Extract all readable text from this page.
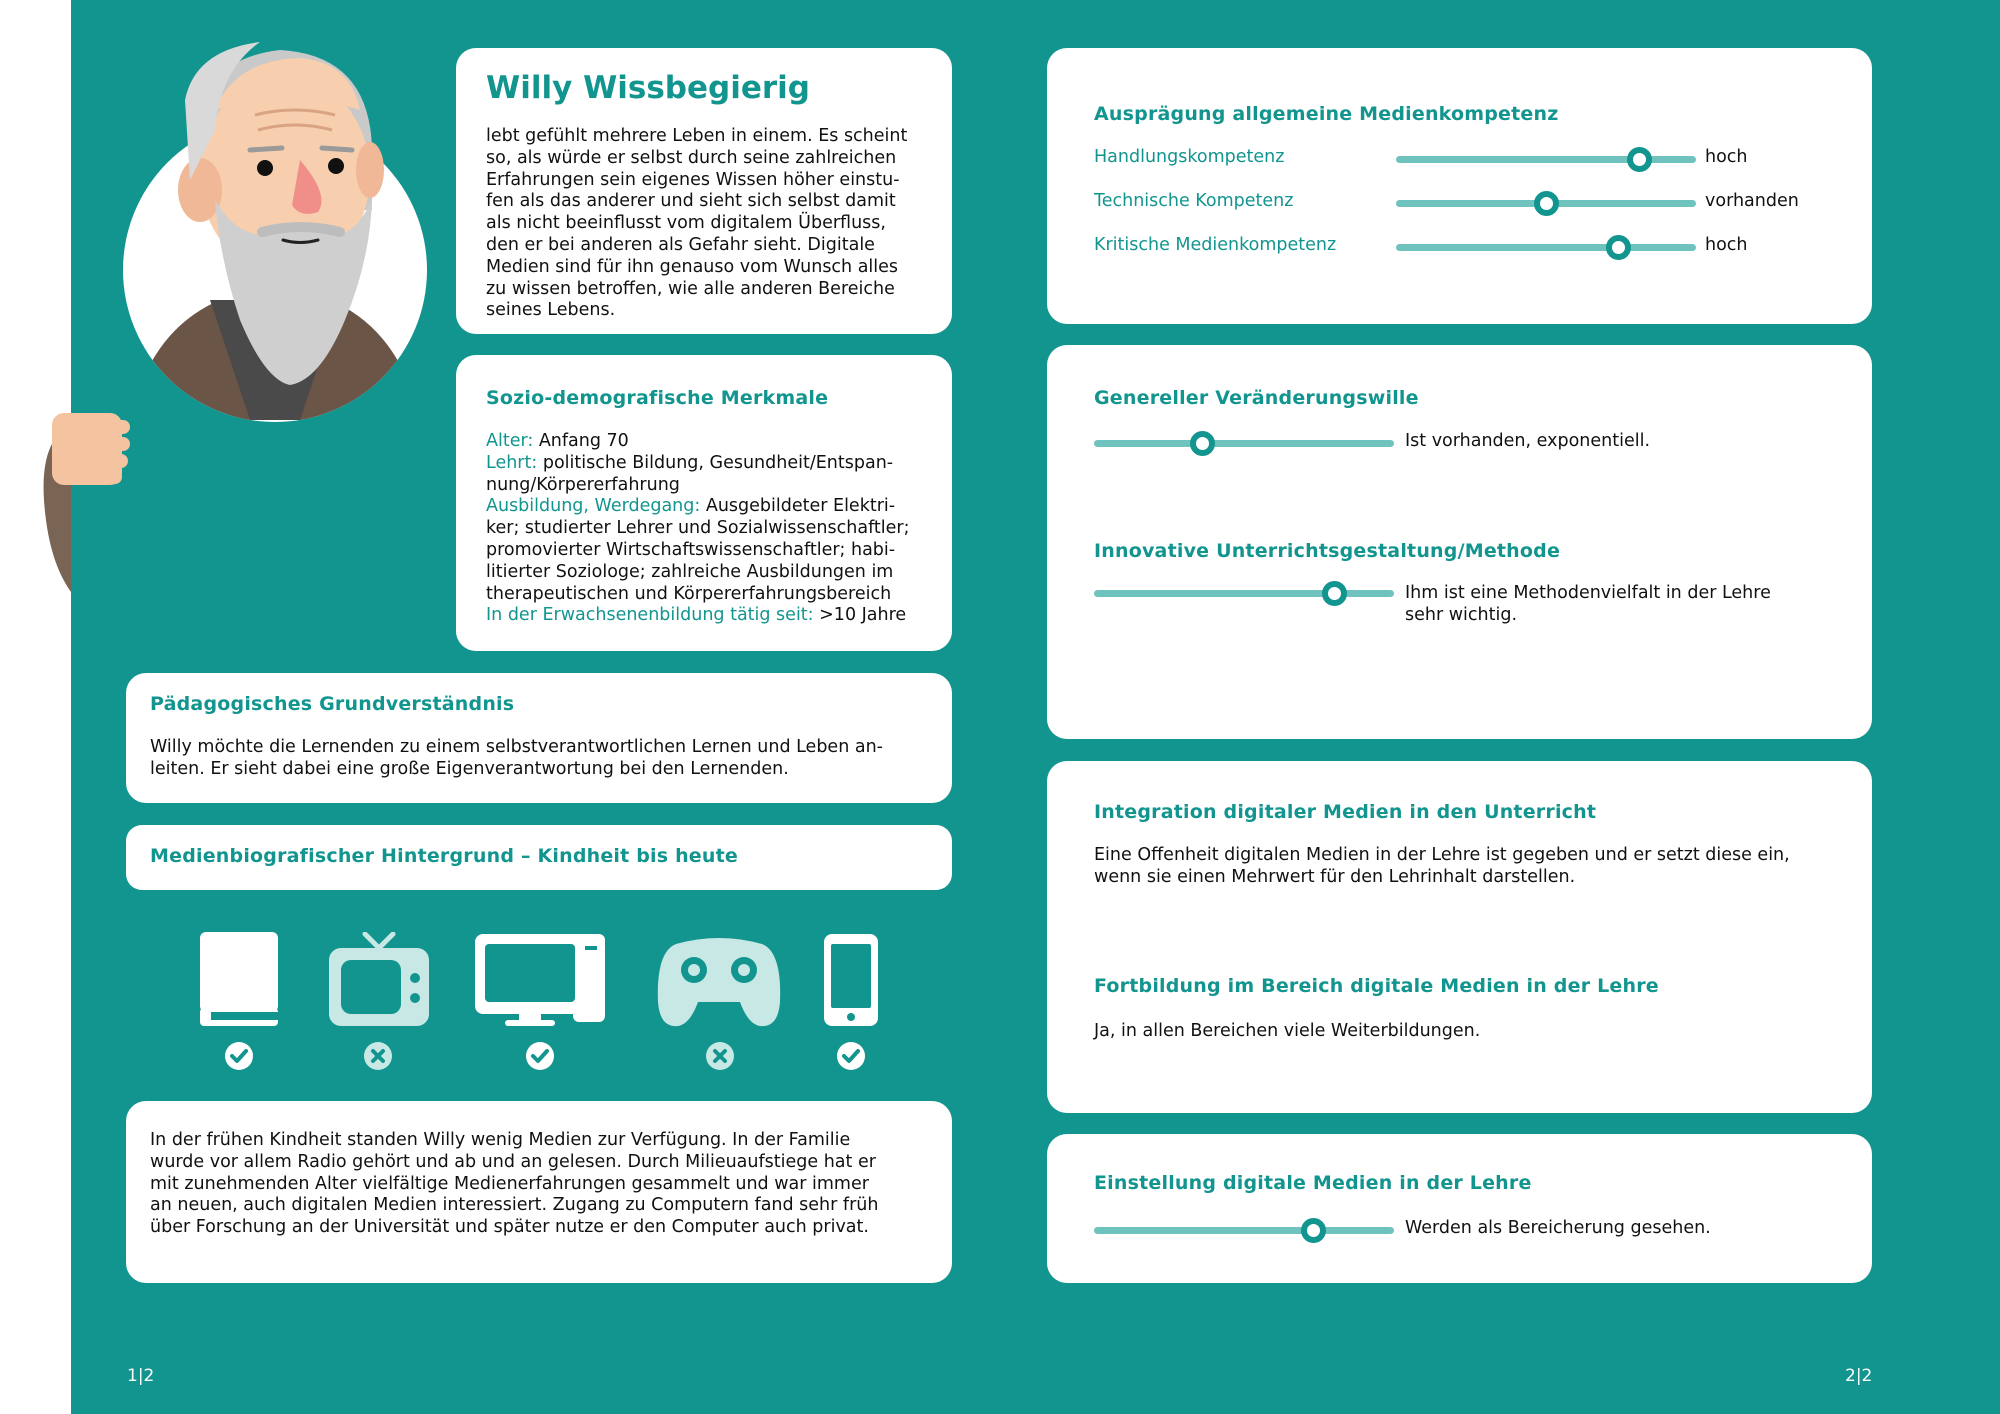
Willy Wissbegierig
lebt gefühlt mehrere Leben in einem. Es scheint
so, als würde er selbst durch seine zahlreichen
Erfahrungen sein eigenes Wissen höher einstu-
fen als das anderer und sieht sich selbst damit
als nicht beeinflusst vom digitalem Überfluss,
den er bei anderen als Gefahr sieht. Digitale
Medien sind für ihn genauso vom Wunsch alles
zu wissen betroffen, wie alle anderen Bereiche
seines Lebens.
Sozio-demografische Merkmale
Alter: Anfang 70
Lehrt: politische Bildung, Gesundheit/Entspan-
nung/Körpererfahrung
Ausbildung, Werdegang: Ausgebildeter Elektri-
ker; studierter Lehrer und Sozialwissenschaftler;
promovierter Wirtschaftswissenschaftler; habi-
litierter Soziologe; zahlreiche Ausbildungen im
therapeutischen und Körpererfahrungsbereich
In der Erwachsenenbildung tätig seit: >10 Jahre
Pädagogisches Grundverständnis
Willy möchte die Lernenden zu einem selbstverantwortlichen Lernen und Leben an-
leiten. Er sieht dabei eine große Eigenverantwortung bei den Lernenden.
Medienbiografischer Hintergrund – Kindheit bis heute
In der frühen Kindheit standen Willy wenig Medien zur Verfügung. In der Familie
wurde vor allem Radio gehört und ab und an gelesen. Durch Milieuaufstiege hat er
mit zunehmenden Alter vielfältige Medienerfahrungen gesammelt und war immer
an neuen, auch digitalen Medien interessiert. Zugang zu Computern fand sehr früh
über Forschung an der Universität und später nutze er den Computer auch privat.
Ausprägung allgemeine Medienkompetenz
Handlungskompetenz	hoch
Technische Kompetenz	vorhanden
Kritische Medienkompetenz	hoch
Genereller Veränderungswille
Ist vorhanden, exponentiell.
Innovative Unterrichtsgestaltung/Methode
Ihm ist eine Methodenvielfalt in der Lehre
sehr wichtig.
Integration digitaler Medien in den Unterricht
Eine Offenheit digitalen Medien in der Lehre ist gegeben und er setzt diese ein,
wenn sie einen Mehrwert für den Lehrinhalt darstellen.
Fortbildung im Bereich digitale Medien in der Lehre
Ja, in allen Bereichen viele Weiterbildungen.
Einstellung digitale Medien in der Lehre
Werden als Bereicherung gesehen.
1|2	2|2
